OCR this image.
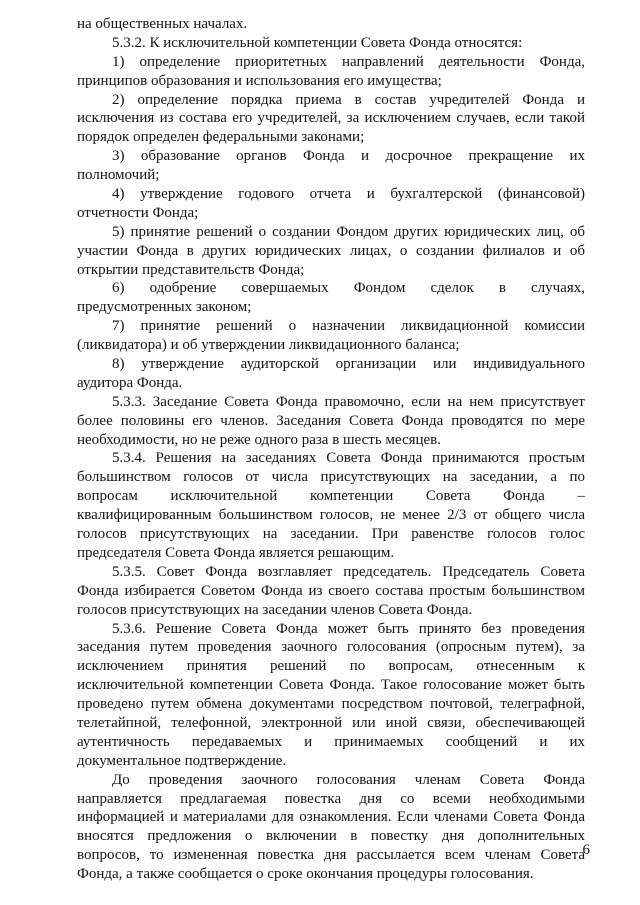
на общественных началах.
5.3.2. К исключительной компетенции Совета Фонда относятся:
1) определение приоритетных направлений деятельности Фонда,
принципов образования и использования его имущества;
2) определение порядка приема в состав учредителей Фонда и
исключения из состава его учредителей, за исключением случаев, если такой
порядок определен федеральными законами;
3) образование органов Фонда и досрочное прекращение их
полномочий;
4) утверждение годового отчета и бухгалтерской (финансовой)
отчетности Фонда;
5) принятие решений о создании Фондом других юридических лиц, об
участии Фонда в других юридических лицах, о создании филиалов и об
открытии представительств Фонда;
6) одобрение совершаемых Фондом сделок в случаях,
предусмотренных законом;
7) принятие решений о назначении ликвидационной комиссии
(ликвидатора) и об утверждении ликвидационного баланса;
8) утверждение аудиторской организации или индивидуального
аудитора Фонда.
5.3.3. Заседание Совета Фонда правомочно, если на нем присутствует
более половины его членов. Заседания Совета Фонда проводятся по мере
необходимости, но не реже одного раза в шесть месяцев.
5.3.4. Решения на заседаниях Совета Фонда принимаются простым
большинством голосов от числа присутствующих на заседании, а по
вопросам исключительной компетенции Совета Фонда –
квалифицированным большинством голосов, не менее 2/3 от общего числа
голосов присутствующих на заседании. При равенстве голосов голос
председателя Совета Фонда является решающим.
5.3.5. Совет Фонда возглавляет председатель. Председатель Совета
Фонда избирается Советом Фонда из своего состава простым большинством
голосов присутствующих на заседании членов Совета Фонда.
5.3.6. Решение Совета Фонда может быть принято без проведения
заседания путем проведения заочного голосования (опросным путем), за
исключением принятия решений по вопросам, отнесенным к
исключительной компетенции Совета Фонда. Такое голосование может быть
проведено путем обмена документами посредством почтовой, телеграфной,
телетайпной, телефонной, электронной или иной связи, обеспечивающей
аутентичность передаваемых и принимаемых сообщений и их
документальное подтверждение.
До проведения заочного голосования членам Совета Фонда
направляется предлагаемая повестка дня со всеми необходимыми
информацией и материалами для ознакомления. Если членами Совета Фонда
вносятся предложения о включении в повестку дня дополнительных
вопросов, то измененная повестка дня рассылается всем членам Совета
Фонда, а также сообщается о сроке окончания процедуры голосования.
6
